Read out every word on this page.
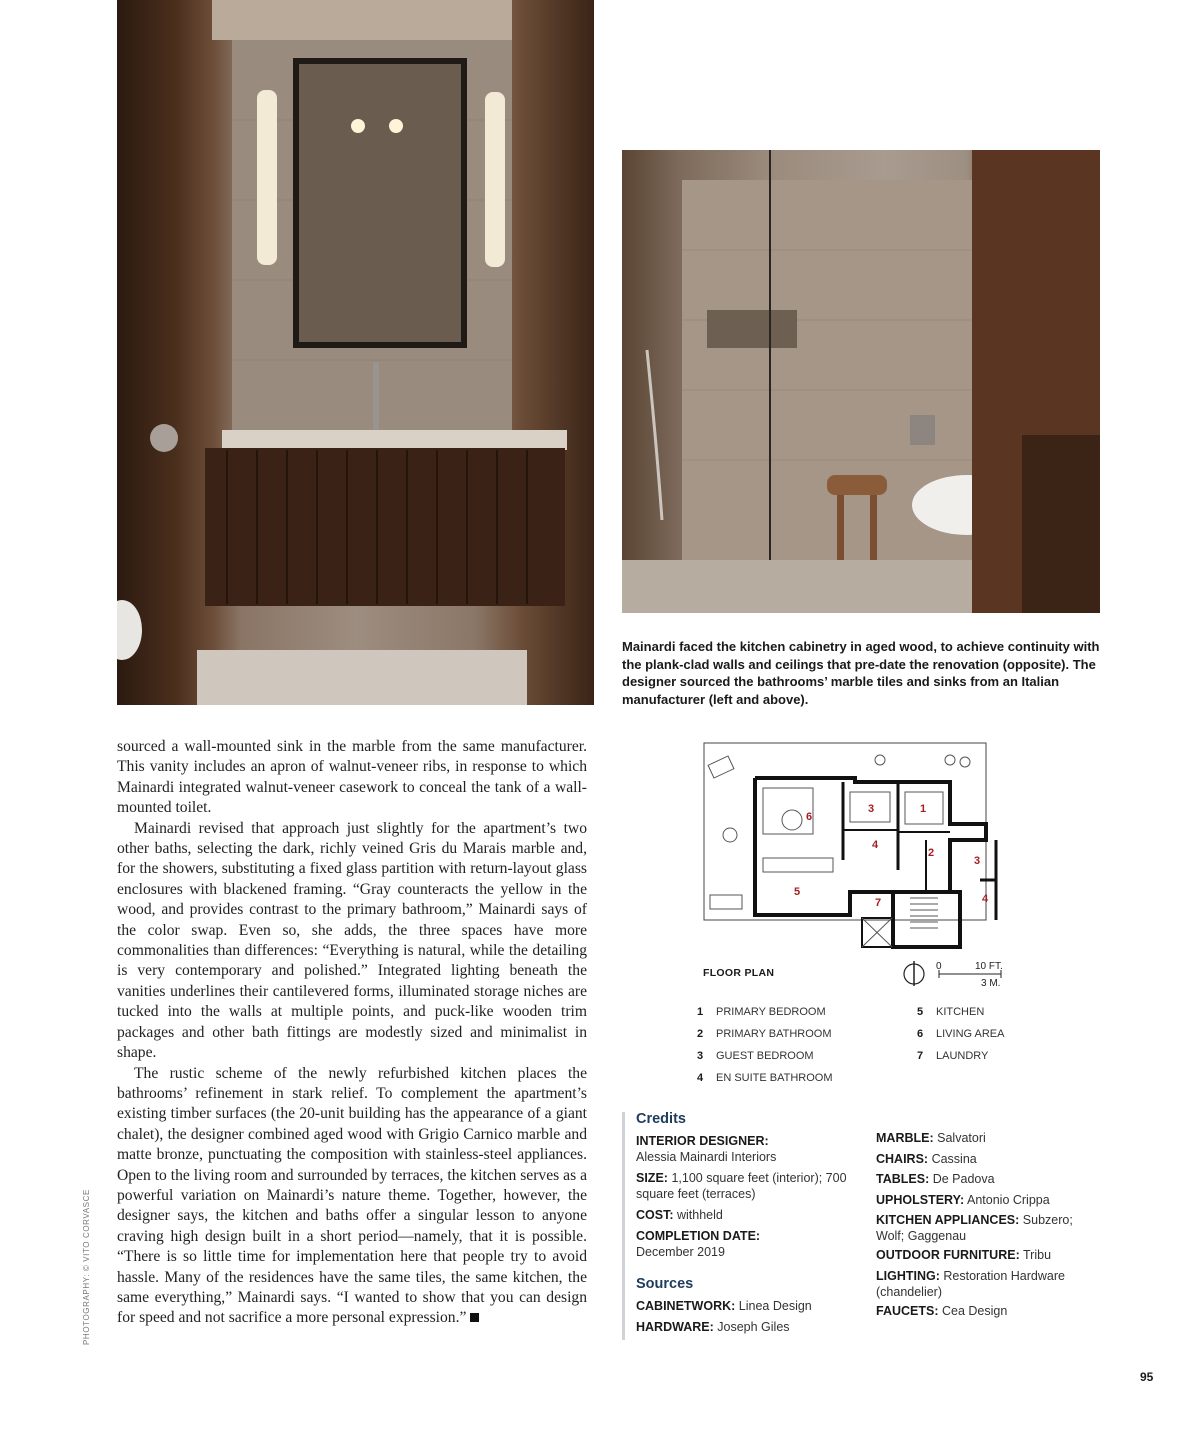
Mainardi faced the kitchen cabinetry in aged wood, to achieve continuity with the plank-clad walls and ceilings that pre-date the renovation (opposite). The designer sourced the bathrooms’ marble tiles and sinks from an Italian manufacturer (left and above).
PHOTOGRAPHY: © VITO CORVASCE

sourced a wall-mounted sink in the marble from the same manufacturer. This vanity includes an apron of walnut-veneer ribs, in response to which Mainardi integrated walnut-veneer casework to conceal the tank of a wall-mounted toilet.

Mainardi revised that approach just slightly for the apartment’s two other baths, selecting the dark, richly veined Gris du Marais marble and, for the showers, substituting a fixed glass partition with return-layout glass enclosures with blackened framing. “Gray counteracts the yellow in the wood, and provides contrast to the primary bathroom,” Mainardi says of the color swap. Even so, she adds, the three spaces have more commonalities than differences: “Everything is natural, while the detailing is very contemporary and polished.” Integrated lighting beneath the vanities underlines their cantilevered forms, illuminated storage niches are tucked into the walls at multiple points, and puck-like wooden trim packages and other bath fittings are modestly sized and minimalist in shape.

The rustic scheme of the newly refurbished kitchen places the bathrooms’ refinement in stark relief. To complement the apartment’s existing timber surfaces (the 20-unit building has the appearance of a giant chalet), the designer combined aged wood with Grigio Carnico marble and matte bronze, punctuating the composition with stainless-steel appliances. Open to the living room and surrounded by terraces, the kitchen serves as a powerful variation on Mainardi’s nature theme. Together, however, the designer says, the kitchen and baths offer a singular lesson to anyone craving high design built in a short period—namely, that it is possible. “There is so little time for implementation here that people try to avoid hassle. Many of the residences have the same tiles, the same kitchen, the same everything,” Mainardi says. “I wanted to show that you can design for speed and not sacrifice a more personal expression.”

6
3	1
4
2
3
4
5
7
FLOOR PLAN
0	10 FT.
3 M.
1 PRIMARY BEDROOM
2 PRIMARY BATHROOM
3 GUEST BEDROOM
4 EN SUITE BATHROOM
5 KITCHEN
6 LIVING AREA
7 LAUNDRY
Credits
INTERIOR DESIGNER:
Alessia Mainardi Interiors
SIZE: 1,100 square feet (interior); 700 square feet (terraces)
COST: withheld
COMPLETION DATE:
December 2019
Sources
CABINETWORK: Linea Design
HARDWARE: Joseph Giles
MARBLE: Salvatori
CHAIRS: Cassina
TABLES: De Padova
UPHOLSTERY: Antonio Crippa
KITCHEN APPLIANCES: Subzero; Wolf; Gaggenau
OUTDOOR FURNITURE: Tribu
LIGHTING: Restoration Hardware (chandelier)
FAUCETS: Cea Design
95
